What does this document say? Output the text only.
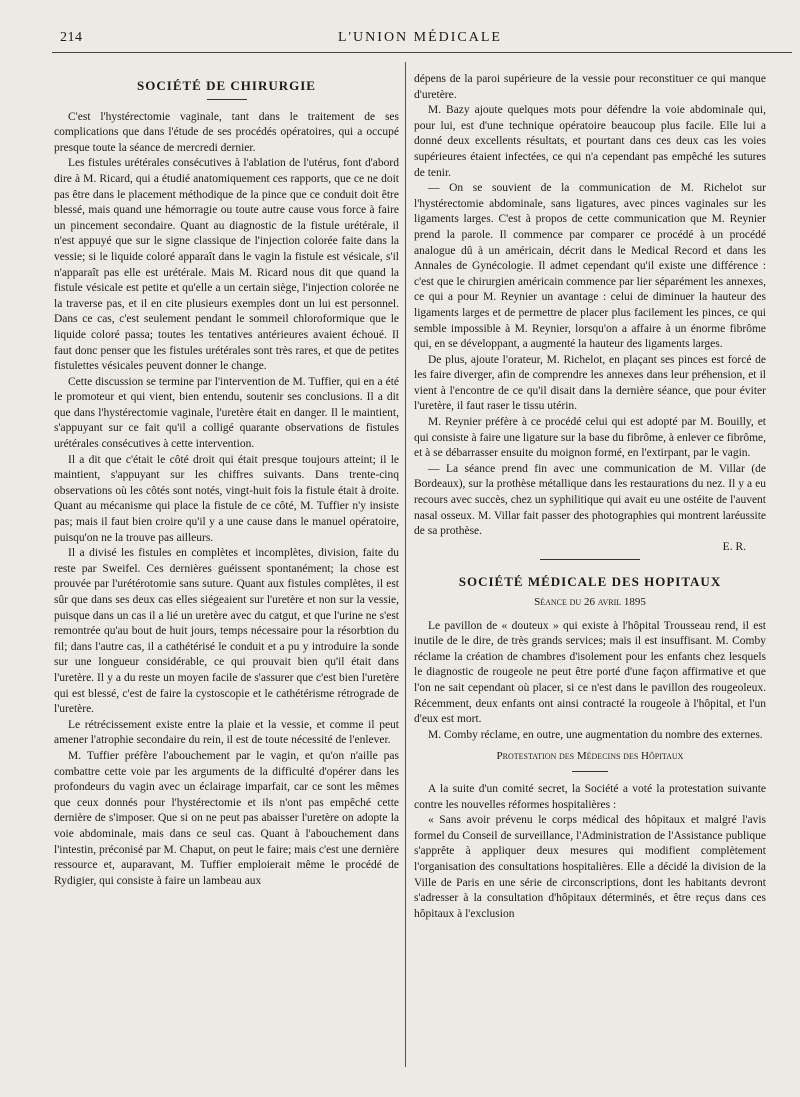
214	L'UNION MÉDICALE
SOCIÉTÉ DE CHIRURGIE

C'est l'hystérectomie vaginale, tant dans le traitement de ses complications que dans l'étude de ses procédés opératoires, qui a occupé presque toute la séance de mercredi dernier.

Les fistules urétérales consécutives à l'ablation de l'utérus, font d'abord dire à M. Ricard, qui a étudié anatomiquement ces rapports, que ce ne doit pas être dans le placement méthodique de la pince que ce conduit doit être blessé, mais quand une hémorragie ou toute autre cause vous force à faire un pincement secondaire. Quant au diagnostic de la fistule urétérale, il n'est appuyé que sur le signe classique de l'injection colorée faite dans la vessie; si le liquide coloré apparaît dans le vagin la fistule est vésicale, s'il n'apparaît pas elle est urétérale. Mais M. Ricard nous dit que quand la fistule vésicale est petite et qu'elle a un certain siège, l'injection colorée ne la traverse pas, et il en cite plusieurs exemples dont un lui est personnel. Dans ce cas, c'est seulement pendant le sommeil chloroformique que le liquide coloré passa; toutes les tentatives antérieures avaient échoué. Il faut donc penser que les fistules urétérales sont très rares, et que de petites fistulettes vésicales peuvent donner le change.

Cette discussion se termine par l'intervention de M. Tuffier, qui en a été le promoteur et qui vient, bien entendu, soutenir ses conclusions. Il a dit que dans l'hystérectomie vaginale, l'uretère était en danger. Il le maintient, s'appuyant sur ce fait qu'il a colligé quarante observations de fistules urétérales consécutives à cette intervention.

Il a dit que c'était le côté droit qui était presque toujours atteint; il le maintient, s'appuyant sur les chiffres suivants. Dans trente-cinq observations où les côtés sont notés, vingt-huit fois la fistule était à droite. Quant au mécanisme qui place la fistule de ce côté, M. Tuffier n'y insiste pas; mais il faut bien croire qu'il y a une cause dans le manuel opératoire, puisqu'on ne la trouve pas ailleurs.

Il a divisé les fistules en complètes et incomplètes, division, faite du reste par Sweifel. Ces dernières guéissent spontanément; la chose est prouvée par l'urétérotomie sans suture. Quant aux fistules complètes, il est sûr que dans ses deux cas elles siégeaient sur l'uretère et non sur la vessie, puisque dans un cas il a lié un uretère avec du catgut, et que l'urine ne s'est remontrée qu'au bout de huit jours, temps nécessaire pour la résorbtion du fil; dans l'autre cas, il a cathétérisé le conduit et a pu y introduire la sonde sur une longueur considérable, ce qui prouvait bien qu'il était dans l'uretère. Il y a du reste un moyen facile de s'assurer que c'est bien l'uretère qui est blessé, c'est de faire la cystoscopie et le cathétérisme rétrograde de l'uretère.

Le rétrécissement existe entre la plaie et la vessie, et comme il peut amener l'atrophie secondaire du rein, il est de toute nécessité de l'enlever.

M. Tuffier préfère l'abouchement par le vagin, et qu'on n'aille pas combattre cette voie par les arguments de la difficulté d'opérer dans les profondeurs du vagin avec un éclairage imparfait, car ce sont les mêmes que ceux donnés pour l'hystérectomie et ils n'ont pas empêché cette dernière de s'imposer. Que si on ne peut pas abaisser l'uretère on adopte la voie abdominale, mais dans ce seul cas. Quant à l'abouchement dans l'intestin, préconisé par M. Chaput, on peut le faire; mais c'est une dernière ressource et, auparavant, M. Tuffier emploierait même le procédé de Rydigier, qui consiste à faire un lambeau aux

dépens de la paroi supérieure de la vessie pour reconstituer ce qui manque d'uretère.

M. Bazy ajoute quelques mots pour défendre la voie abdominale qui, pour lui, est d'une technique opératoire beaucoup plus facile. Elle lui a donné deux excellents résultats, et pourtant dans ces deux cas les voies supérieures étaient infectées, ce qui n'a cependant pas empêché les sutures de tenir.

— On se souvient de la communication de M. Richelot sur l'hystérectomie abdominale, sans ligatures, avec pinces vaginales sur les ligaments larges. C'est à propos de cette communication que M. Reynier prend la parole. Il commence par comparer ce procédé à un procédé analogue dû à un américain, décrit dans le Medical Record et dans les Annales de Gynécologie. Il admet cependant qu'il existe une différence : c'est que le chirurgien américain commence par lier séparément les annexes, ce qui a pour M. Reynier un avantage : celui de diminuer la hauteur des ligaments larges et de permettre de placer plus facilement les pinces, ce qui semble impossible à M. Reynier, lorsqu'on a affaire à un énorme fibrôme qui, en se développant, a augmenté la hauteur des ligaments larges.

De plus, ajoute l'orateur, M. Richelot, en plaçant ses pinces est forcé de les faire diverger, afin de comprendre les annexes dans leur préhension, et il vient à l'encontre de ce qu'il disait dans la dernière séance, que pour éviter l'uretère, il faut raser le tissu utérin.

M. Reynier préfère à ce procédé celui qui est adopté par M. Bouilly, et qui consiste à faire une ligature sur la base du fibrôme, à enlever ce fibrôme, et à se débarrasser ensuite du moignon formé, en l'extirpant, par le vagin.

— La séance prend fin avec une communication de M. Villar (de Bordeaux), sur la prothèse métallique dans les restaurations du nez. Il y a eu recours avec succès, chez un syphilitique qui avait eu une ostéite de l'auvent nasal osseux. M. Villar fait passer des photographies qui montrent laréussite de sa prothèse.

E. R.
SOCIÉTÉ MÉDICALE DES HOPITAUX
Séance du 26 avril 1895

Le pavillon de « douteux » qui existe à l'hôpital Trousseau rend, il est inutile de le dire, de très grands services; mais il est insuffisant. M. Comby réclame la création de chambres d'isolement pour les enfants chez lesquels le diagnostic de rougeole ne peut être porté d'une façon affirmative et que l'on ne sait cependant où placer, si ce n'est dans le pavillon des rougeoleux. Récemment, deux enfants ont ainsi contracté la rougeole à l'hôpital, et l'un d'eux est mort.

M. Comby réclame, en outre, une augmentation du nombre des externes.

Protestation des Médecins des Hôpitaux

A la suite d'un comité secret, la Société a voté la protestation suivante contre les nouvelles réformes hospitalières :

« Sans avoir prévenu le corps médical des hôpitaux et malgré l'avis formel du Conseil de surveillance, l'Administration de l'Assistance publique s'apprête à appliquer deux mesures qui modifient complètement l'organisation des consultations hospitalières. Elle a décidé la division de la Ville de Paris en une série de circonscriptions, dont les habitants devront s'adresser à la consultation d'hôpitaux déterminés, et être reçus dans ces hôpitaux à l'exclusion
